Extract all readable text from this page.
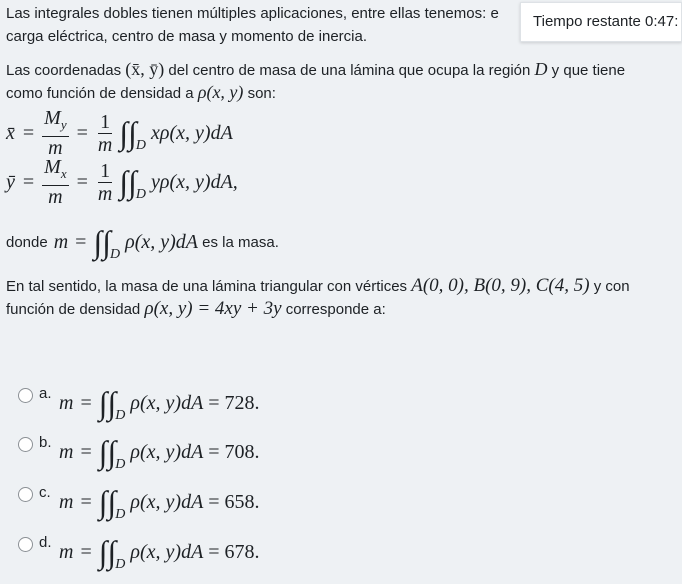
Las integrales dobles tienen múltiples aplicaciones, entre ellas tenemos: e
carga eléctrica, centro de masa y momento de inercia.
Las coordenadas (x̄, ȳ) del centro de masa de una lámina que ocupa la región D y que tiene
como función de densidad a ρ(x, y) son:
x̄ = $\frac{M_y}{m} = \frac{1}{m}$ ∫∫ D
xρ(x, y)dA
ȳ = $\frac{M_x}{m} = \frac{1}{m}$ ∫∫ D
yρ(x, y)dA,
donde m = ∫∫ D
ρ(x, y)dA es la masa.
En tal sentido, la masa de una lámina triangular con vértices A(0, 0), B(0, 9), C(4, 5) y con
función de densidad ρ(x, y) = 4xy + 3y corresponde a:
a. m = ∫∫ D
ρ(x, y)dA = 728.
b. m = ∫∫ D
ρ(x, y)dA = 708.
c. m = ∫∫ D
ρ(x, y)dA = 658.
d. m = ∫∫ D
ρ(x, y)dA = 678.
Tiempo restante 0:47:
